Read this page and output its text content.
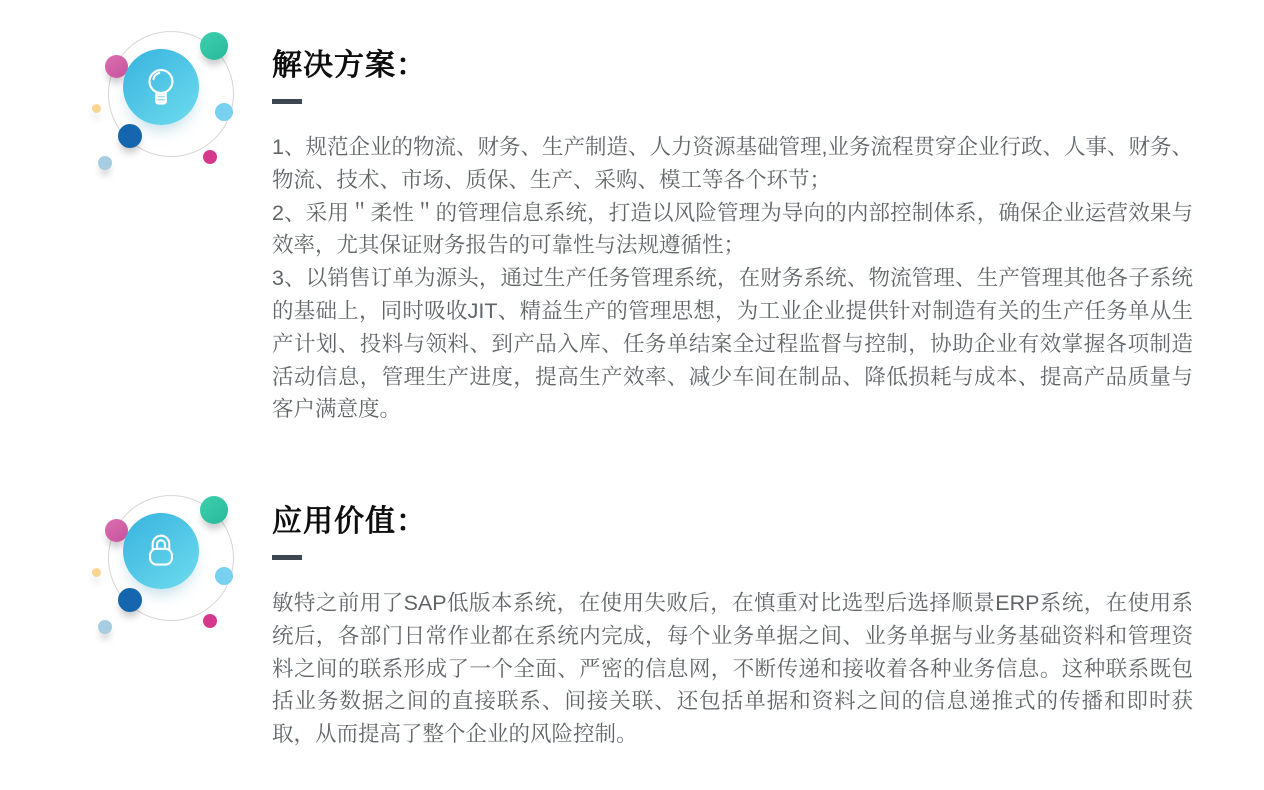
解决方案：

1、规范企业的物流、财务、生产制造、人力资源基础管理,业务流程贯穿企业行政、人事、财务、物流、技术、市场、质保、生产、采购、模工等各个环节；

2、采用＂柔性＂的管理信息系统，打造以风险管理为导向的内部控制体系，确保企业运营效果与效率，尤其保证财务报告的可靠性与法规遵循性；

3、以销售订单为源头，通过生产任务管理系统，在财务系统、物流管理、生产管理其他各子系统的基础上，同时吸收JIT、精益生产的管理思想，为工业企业提供针对制造有关的生产任务单从生产计划、投料与领料、到产品入库、任务单结案全过程监督与控制，协助企业有效掌握各项制造活动信息，管理生产进度，提高生产效率、减少车间在制品、降低损耗与成本、提高产品质量与客户满意度。

应用价值：

敏特之前用了SAP低版本系统，在使用失败后，在慎重对比选型后选择顺景ERP系统，在使用系统后，各部门日常作业都在系统内完成，每个业务单据之间、业务单据与业务基础资料和管理资料之间的联系形成了一个全面、严密的信息网，不断传递和接收着各种业务信息。这种联系既包括业务数据之间的直接联系、间接关联、还包括单据和资料之间的信息递推式的传播和即时获取，从而提高了整个企业的风险控制。
